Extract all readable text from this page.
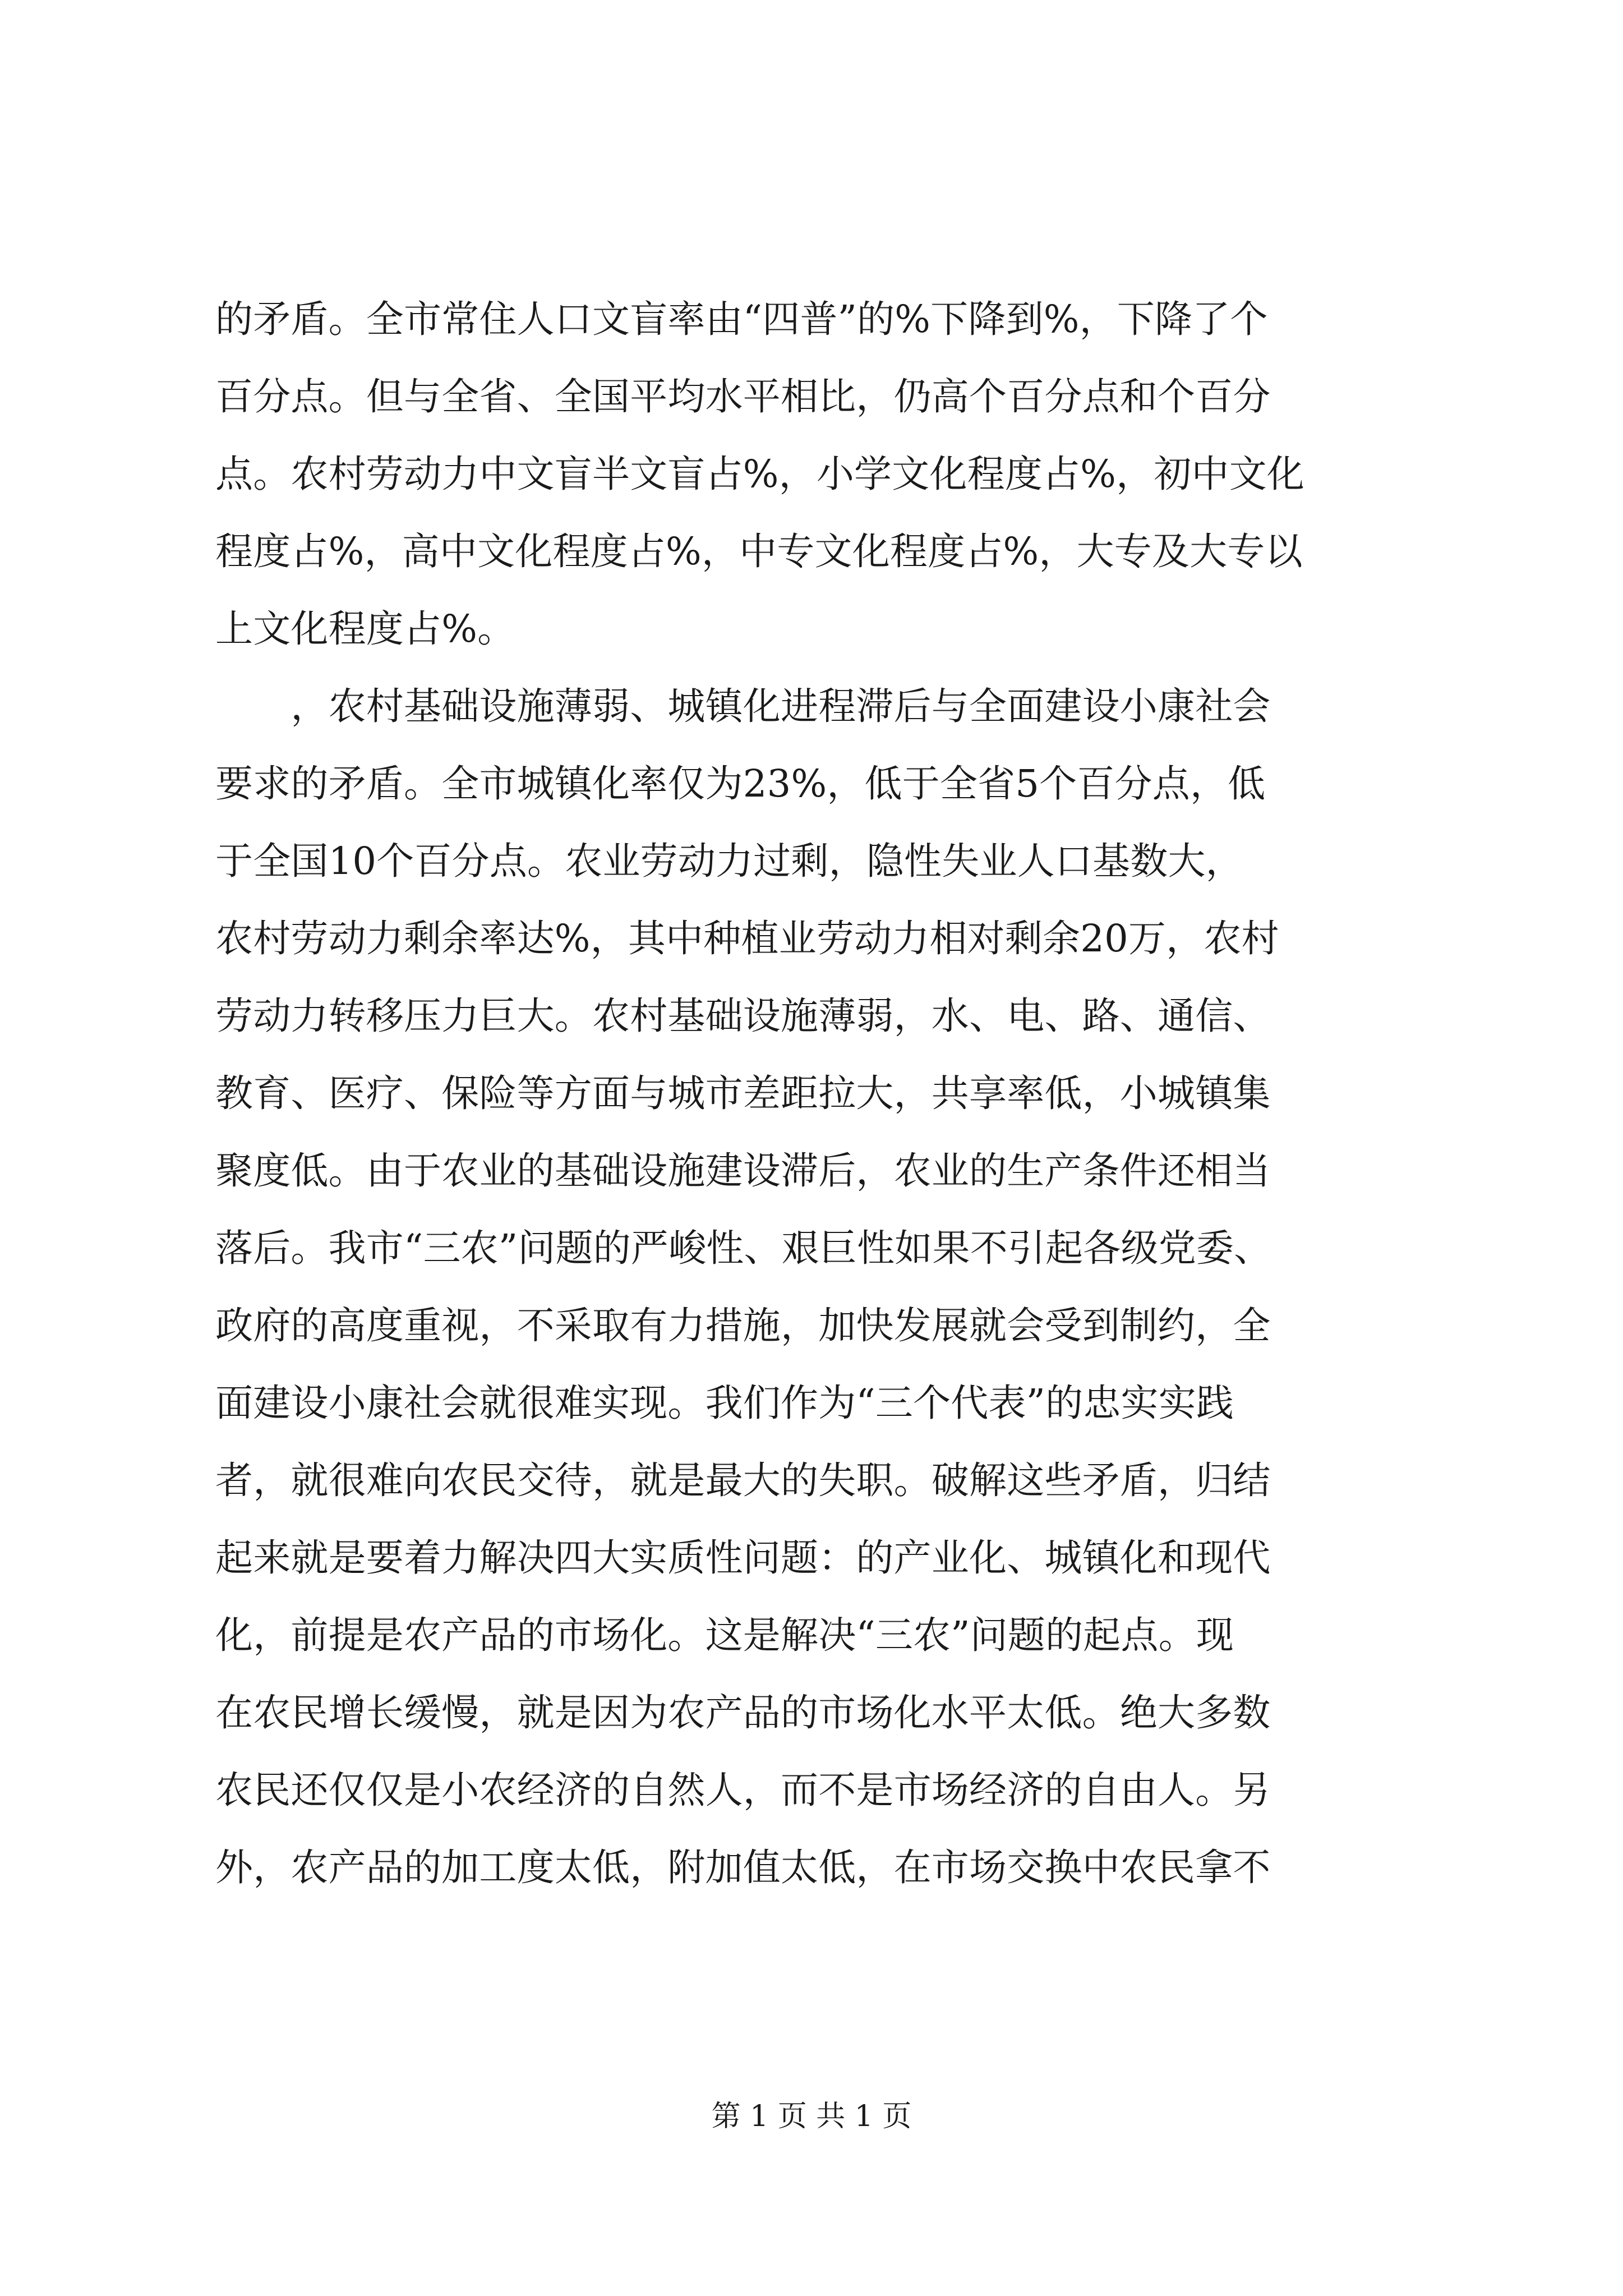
的矛盾。全市常住人口文盲率由“四普”的%下降到%，下降了个
百分点。但与全省、全国平均水平相比，仍高个百分点和个百分
点。农村劳动力中文盲半文盲占%，小学文化程度占%，初中文化
程度占%，高中文化程度占%，中专文化程度占%，大专及大专以
上文化程度占%。
　　，农村基础设施薄弱、城镇化进程滞后与全面建设小康社会
要求的矛盾。全市城镇化率仅为23%，低于全省5个百分点，低
于全国10个百分点。农业劳动力过剩，隐性失业人口基数大，
农村劳动力剩余率达%，其中种植业劳动力相对剩余20万，农村
劳动力转移压力巨大。农村基础设施薄弱，水、电、路、通信、
教育、医疗、保险等方面与城市差距拉大，共享率低，小城镇集
聚度低。由于农业的基础设施建设滞后，农业的生产条件还相当
落后。我市“三农”问题的严峻性、艰巨性如果不引起各级党委、
政府的高度重视，不采取有力措施，加快发展就会受到制约，全
面建设小康社会就很难实现。我们作为“三个代表”的忠实实践
者，就很难向农民交待，就是最大的失职。破解这些矛盾，归结
起来就是要着力解决四大实质性问题：的产业化、城镇化和现代
化，前提是农产品的市场化。这是解决“三农”问题的起点。现
在农民增长缓慢，就是因为农产品的市场化水平太低。绝大多数
农民还仅仅是小农经济的自然人，而不是市场经济的自由人。另
外，农产品的加工度太低，附加值太低，在市场交换中农民拿不
第 1 页 共 1 页
